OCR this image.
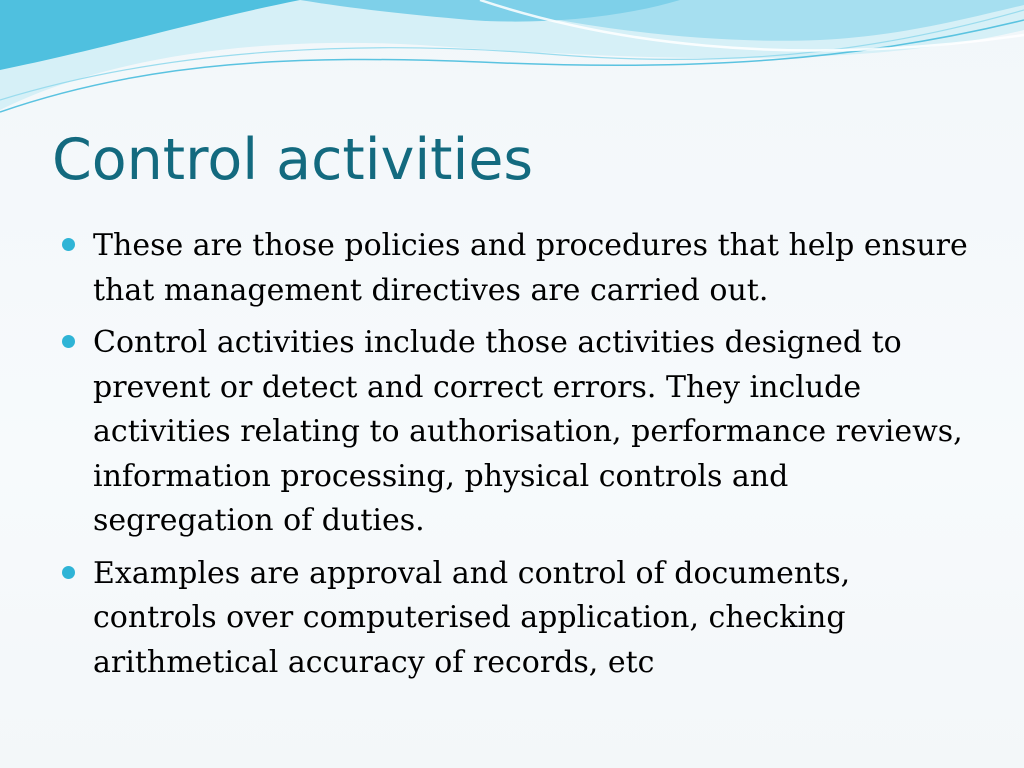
Control activities
These are those policies and procedures that help ensure that management directives are carried out.
Control activities include those activities designed to prevent or detect and correct errors. They include activities relating to authorisation, performance reviews, information processing, physical controls and segregation of duties.
Examples are approval and control of documents, controls over computerised application, checking arithmetical accuracy of records, etc
